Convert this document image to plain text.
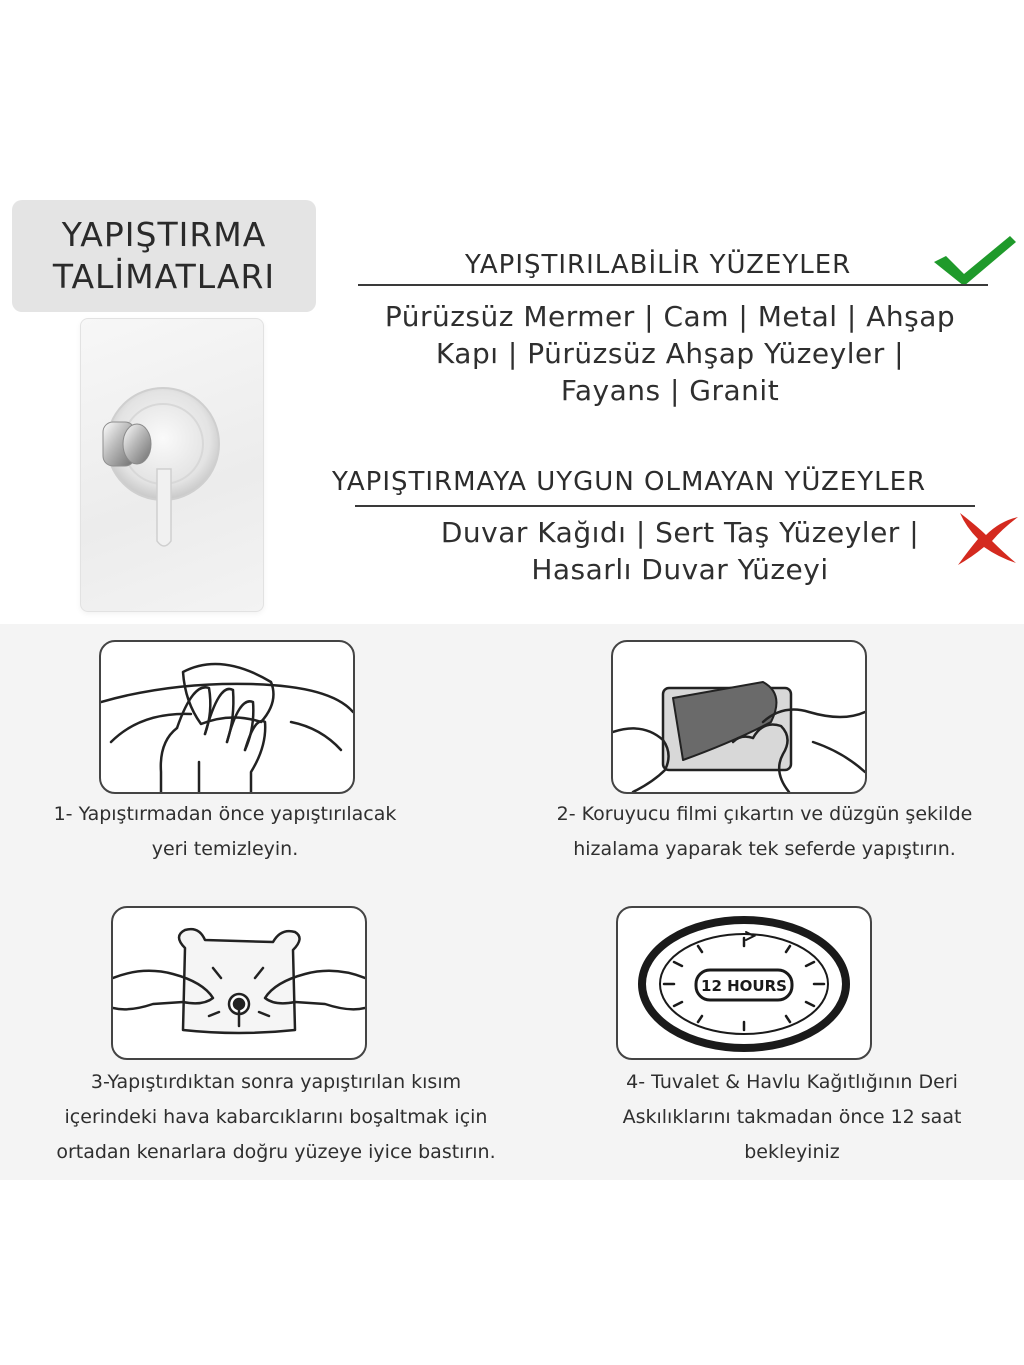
YAPIŞTIRMA
TALİMATLARI	YAPIŞTIRILABİLİR YÜZEYLER
Pürüzsüz Mermer | Cam | Metal | Ahşap
Kapı | Pürüzsüz Ahşap Yüzeyler |
Fayans | Granit
YAPIŞTIRMAYA UYGUN OLMAYAN YÜZEYLER
Duvar Kağıdı | Sert Taş Yüzeyler |
Hasarlı Duvar Yüzeyi
1- Yapıştırmadan önce yapıştırılacak
yeri temizleyin.
2- Koruyucu filmi çıkartın ve düzgün şekilde
hizalama yaparak tek seferde yapıştırın.
3-Yapıştırdıktan sonra yapıştırılan kısım
içerindeki hava kabarcıklarını boşaltmak için
ortadan kenarlara doğru yüzeye iyice bastırın.
12 HOURS
4- Tuvalet & Havlu Kağıtlığının Deri
Askılıklarını takmadan önce 12 saat
bekleyiniz
